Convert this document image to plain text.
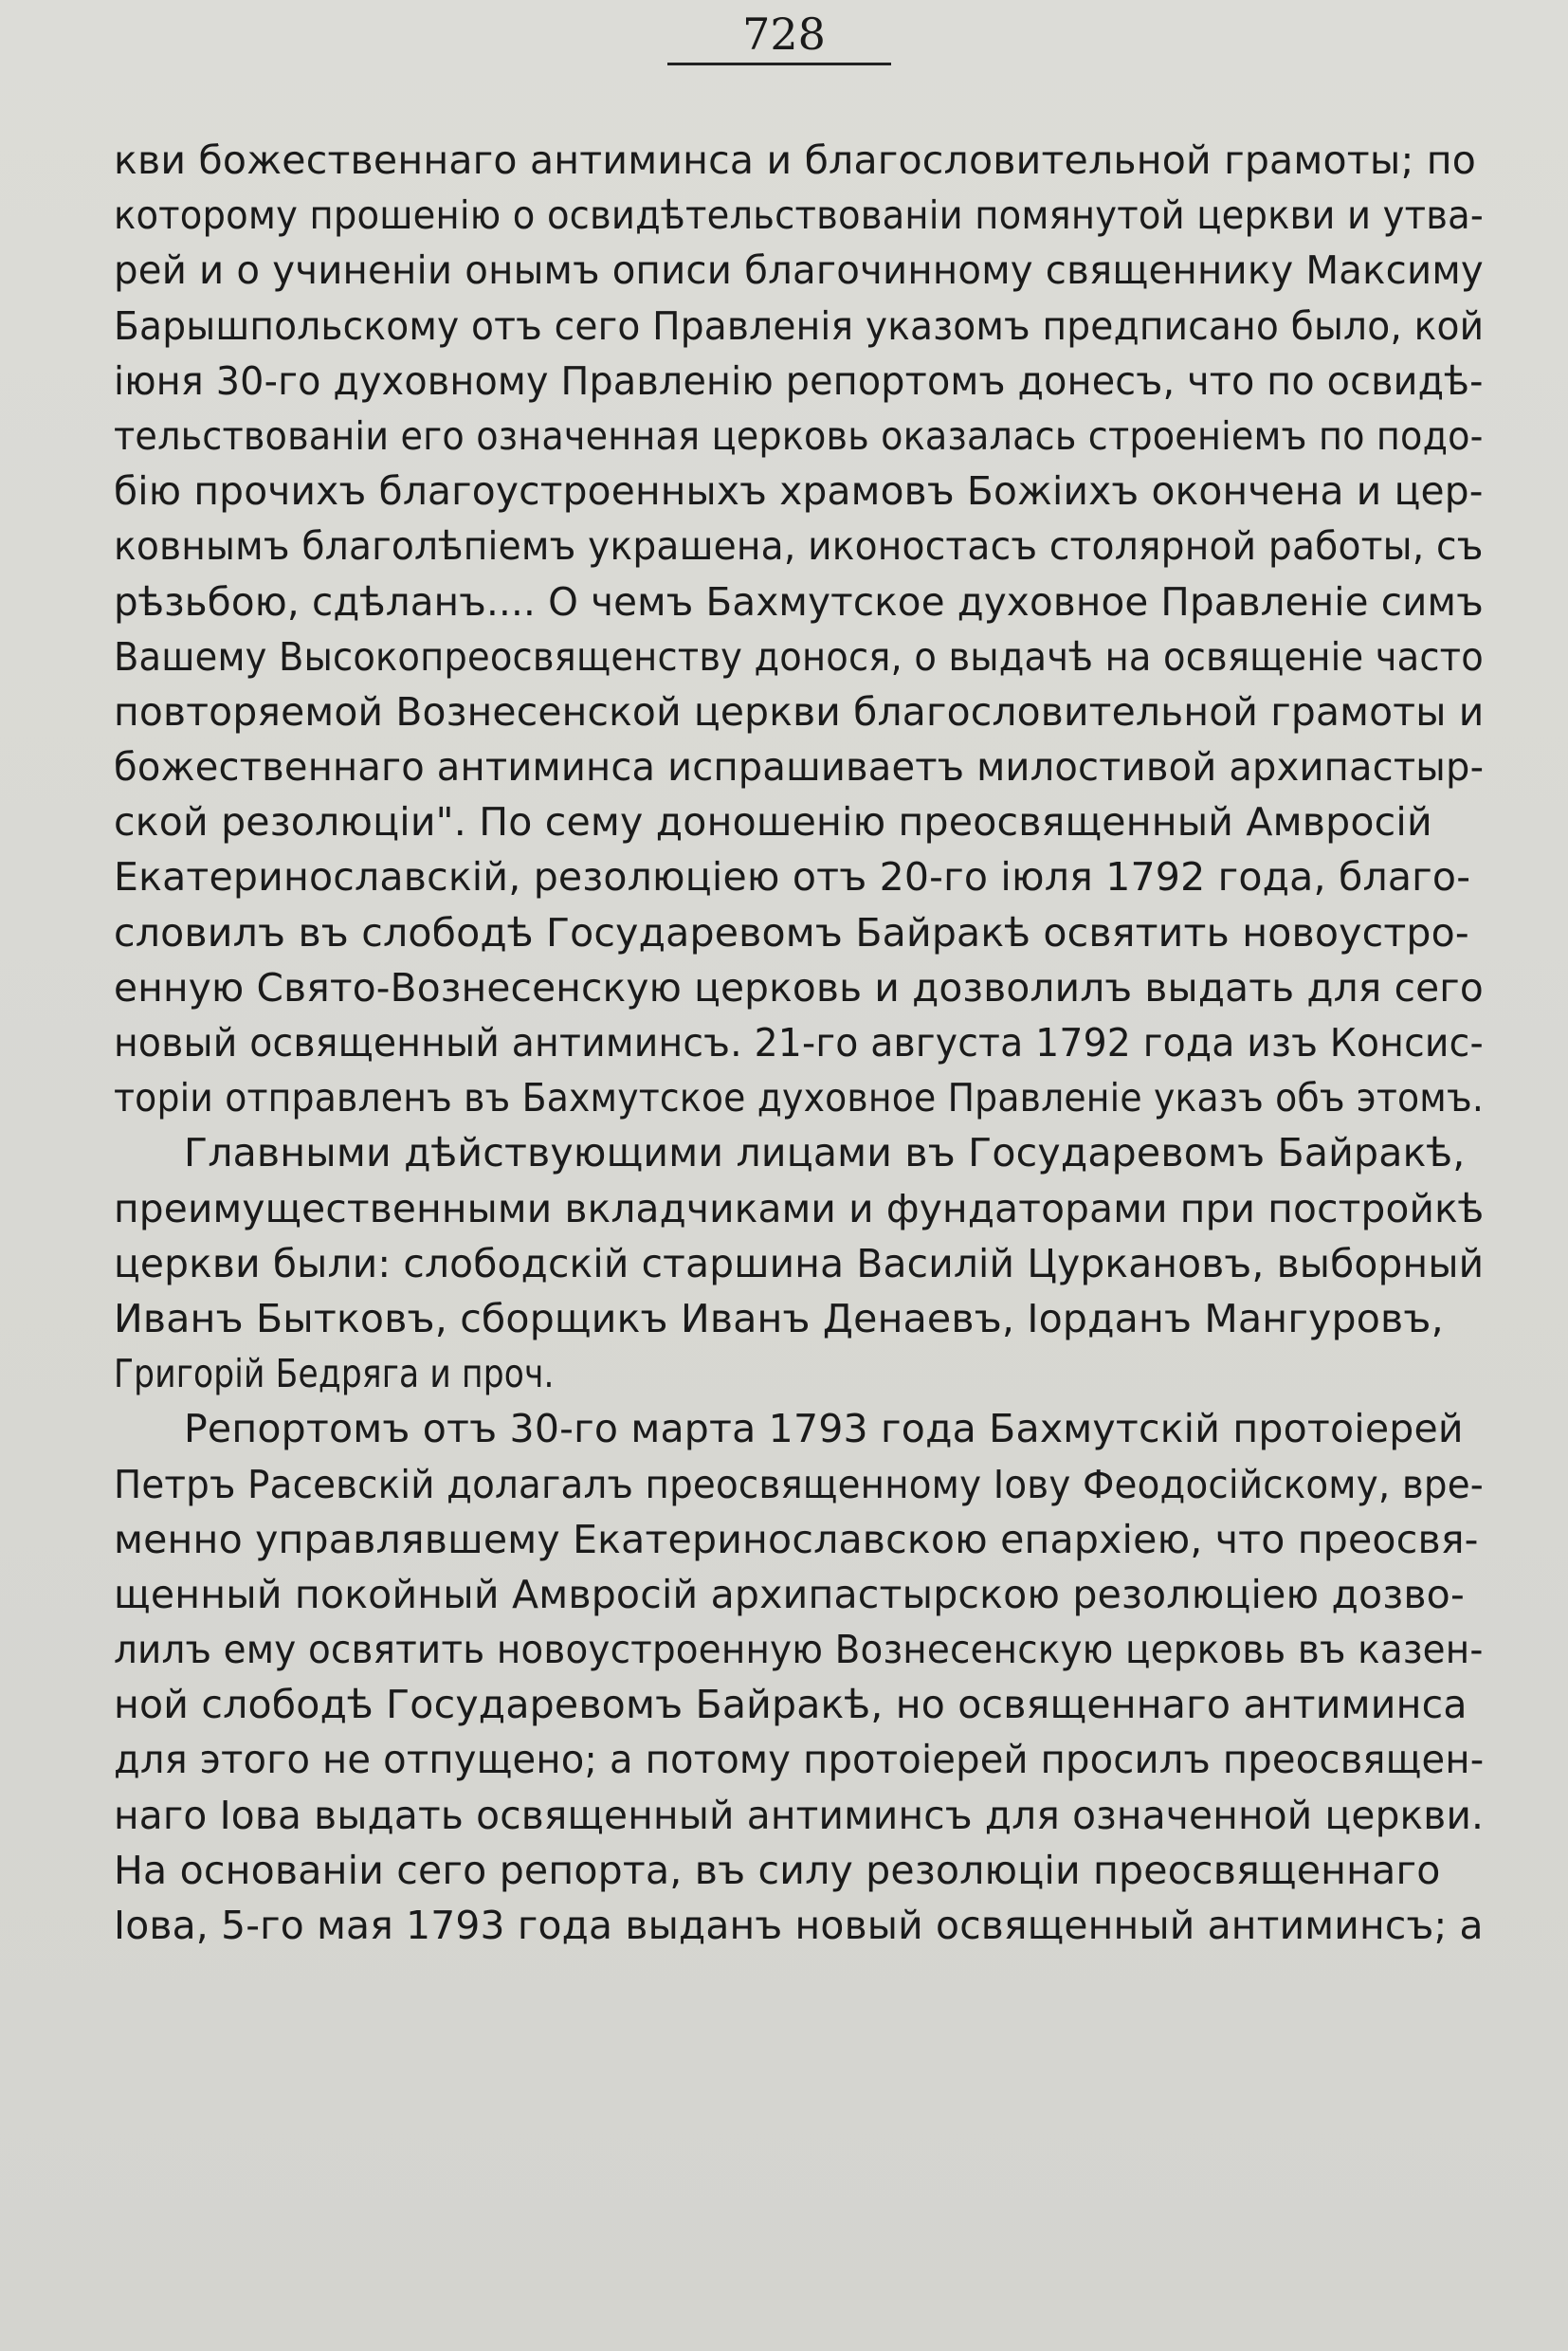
728
кви божественнаго антиминса и благословительной грамоты; по
которому прошенію о освидѣтельствованіи помянутой церкви и утва-
рей и о учиненіи онымъ описи благочинному священнику Максиму
Барышпольскому отъ сего Правленія указомъ предписано было, кой
іюня 30-го духовному Правленію репортомъ донесъ, что по освидѣ-
тельствованіи его означенная церковь оказалась строеніемъ по подо-
бію прочихъ благоустроенныхъ храмовъ Божіихъ окончена и цер-
ковнымъ благолѣпіемъ украшена, иконостасъ столярной работы, съ
рѣзьбою, сдѣланъ.... О чемъ Бахмутское духовное Правленіе симъ
Вашему Высокопреосвященству донося, о выдачѣ на освященіе часто
повторяемой Вознесенской церкви благословительной грамоты и
божественнаго антиминса испрашиваетъ милостивой архипастыр-
ской резолюціи". По сему доношенію преосвященный Амвросій
Екатеринославскій, резолюціею отъ 20-го іюля 1792 года, благо-
словилъ въ слободѣ Государевомъ Байракѣ освятить новоустро-
енную Свято-Вознесенскую церковь и дозволилъ выдать для сего
новый освященный антиминсъ. 21-го августа 1792 года изъ Консис-
торіи отправленъ въ Бахмутское духовное Правленіе указъ объ этомъ.
Главными дѣйствующими лицами въ Государевомъ Байракѣ,
преимущественными вкладчиками и фундаторами при постройкѣ
церкви были: слободскій старшина Василій Цуркановъ, выборный
Иванъ Бытковъ, сборщикъ Иванъ Денаевъ, Іорданъ Мангуровъ,
Григорій Бедряга и проч.
Репортомъ отъ 30-го марта 1793 года Бахмутскій протоіерей
Петръ Расевскій долагалъ преосвященному Іову Феодосійскому, вре-
менно управлявшему Екатеринославскою епархіею, что преосвя-
щенный покойный Амвросій архипастырскою резолюціею дозво-
лилъ ему освятить новоустроенную Вознесенскую церковь въ казен-
ной слободѣ Государевомъ Байракѣ, но освященнаго антиминса
для этого не отпущено; а потому протоіерей просилъ преосвящен-
наго Іова выдать освященный антиминсъ для означенной церкви.
На основаніи сего репорта, въ силу резолюціи преосвященнаго
Іова, 5-го мая 1793 года выданъ новый освященный антиминсъ; а
